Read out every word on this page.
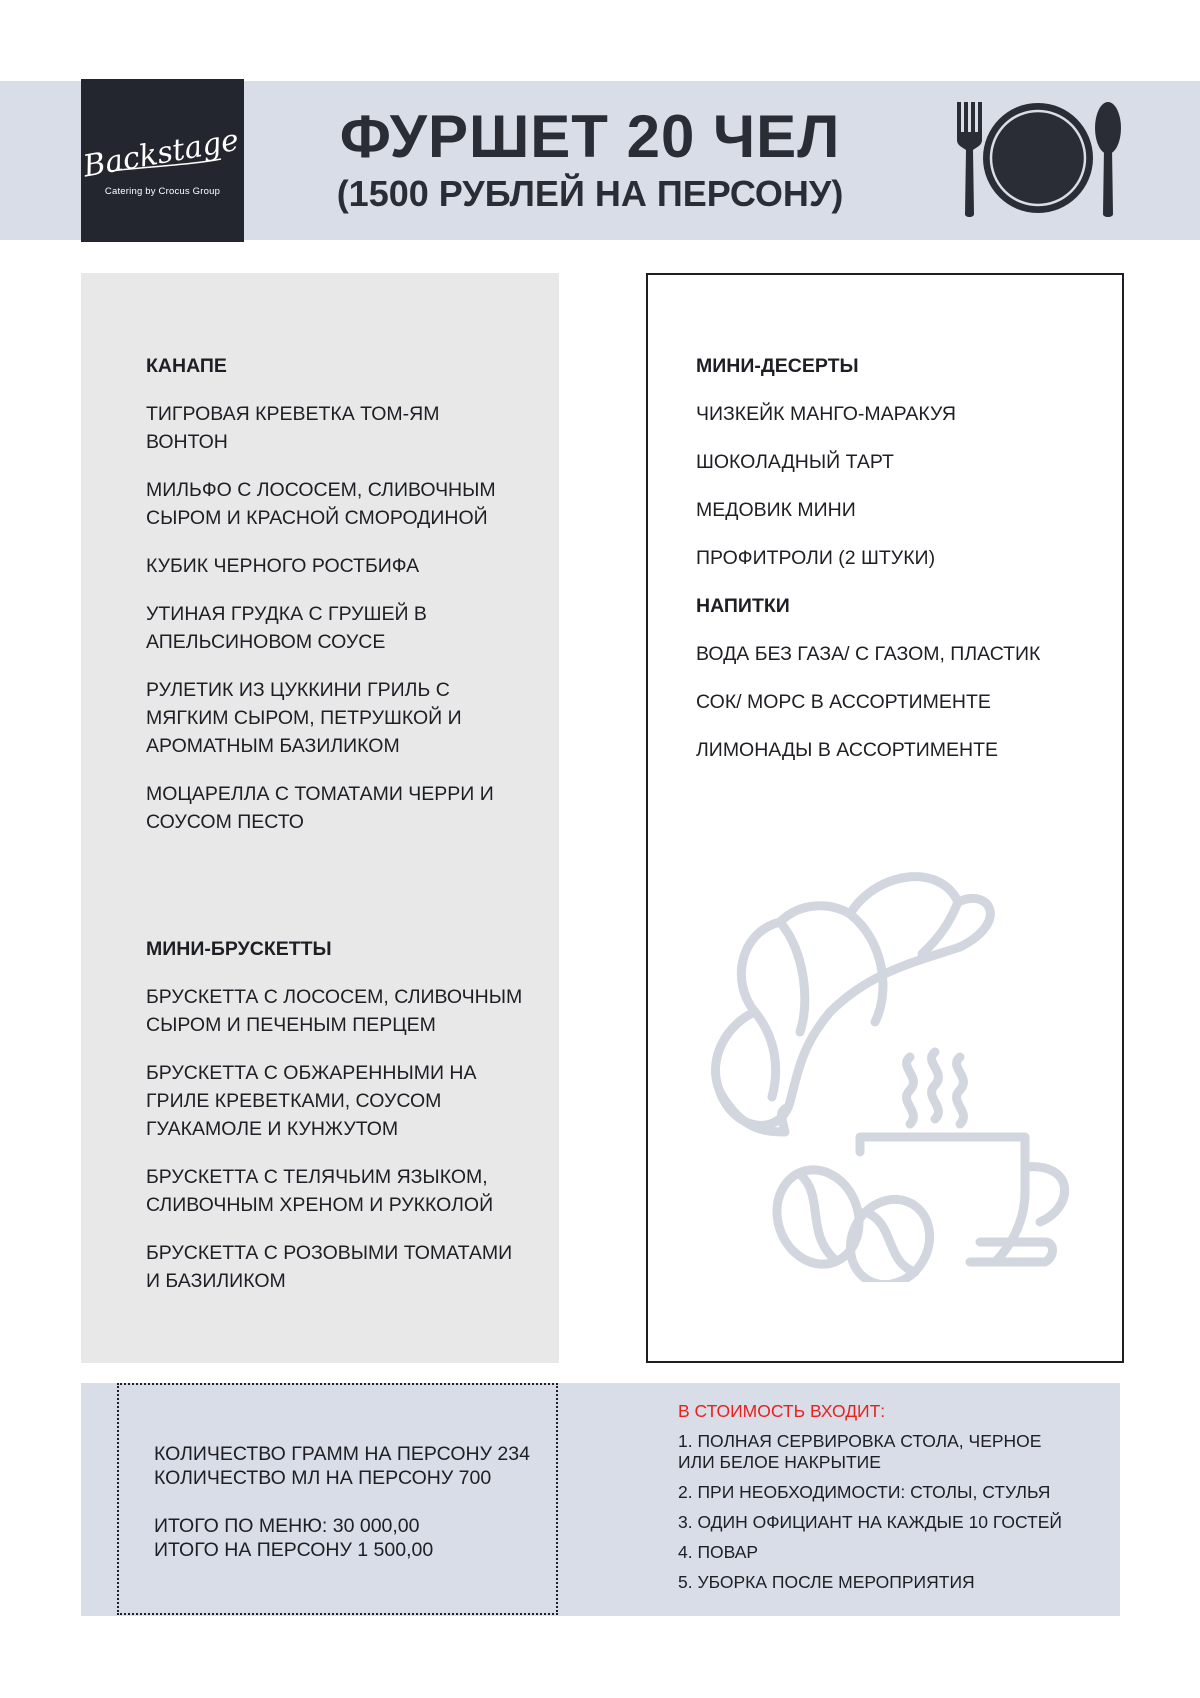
Backstage
Catering by Crocus Group
ФУРШЕТ 20 ЧЕЛ
(1500 РУБЛЕЙ НА ПЕРСОНУ)
КАНАПЕ
ТИГРОВАЯ КРЕВЕТКА ТОМ-ЯМ
ВОНТОН
МИЛЬФО С ЛОСОСЕМ, СЛИВОЧНЫМ
СЫРОМ И КРАСНОЙ СМОРОДИНОЙ
КУБИК ЧЕРНОГО РОСТБИФА
УТИНАЯ ГРУДКА С ГРУШЕЙ В
АПЕЛЬСИНОВОМ СОУСЕ
РУЛЕТИК ИЗ ЦУККИНИ ГРИЛЬ С
МЯГКИМ СЫРОМ, ПЕТРУШКОЙ И
АРОМАТНЫМ БАЗИЛИКОМ
МОЦАРЕЛЛА С ТОМАТАМИ ЧЕРРИ И
СОУСОМ ПЕСТО
МИНИ-БРУСКЕТТЫ
БРУСКЕТТА С ЛОСОСЕМ, СЛИВОЧНЫМ
СЫРОМ И ПЕЧЕНЫМ ПЕРЦЕМ
БРУСКЕТТА С ОБЖАРЕННЫМИ НА
ГРИЛЕ КРЕВЕТКАМИ, СОУСОМ
ГУАКАМОЛЕ И КУНЖУТОМ
БРУСКЕТТА С ТЕЛЯЧЬИМ ЯЗЫКОМ,
СЛИВОЧНЫМ ХРЕНОМ И РУККОЛОЙ
БРУСКЕТТА С РОЗОВЫМИ ТОМАТАМИ
И БАЗИЛИКОМ
МИНИ-ДЕСЕРТЫ
ЧИЗКЕЙК МАНГО-МАРАКУЯ
ШОКОЛАДНЫЙ ТАРТ
МЕДОВИК МИНИ
ПРОФИТРОЛИ (2 ШТУКИ)
НАПИТКИ
ВОДА БЕЗ ГАЗА/ С ГАЗОМ, ПЛАСТИК
СОК/ МОРС В АССОРТИМЕНТЕ
ЛИМОНАДЫ В АССОРТИМЕНТЕ
КОЛИЧЕСТВО ГРАММ НА ПЕРСОНУ 234
КОЛИЧЕСТВО МЛ НА ПЕРСОНУ 700
ИТОГО ПО МЕНЮ: 30 000,00
ИТОГО НА ПЕРСОНУ 1 500,00
В СТОИМОСТЬ ВХОДИТ:
1. ПОЛНАЯ СЕРВИРОВКА СТОЛА, ЧЕРНОЕ
ИЛИ БЕЛОЕ НАКРЫТИЕ
2. ПРИ НЕОБХОДИМОСТИ: СТОЛЫ, СТУЛЬЯ
3. ОДИН ОФИЦИАНТ НА КАЖДЫЕ 10 ГОСТЕЙ
4. ПОВАР
5. УБОРКА ПОСЛЕ МЕРОПРИЯТИЯ
